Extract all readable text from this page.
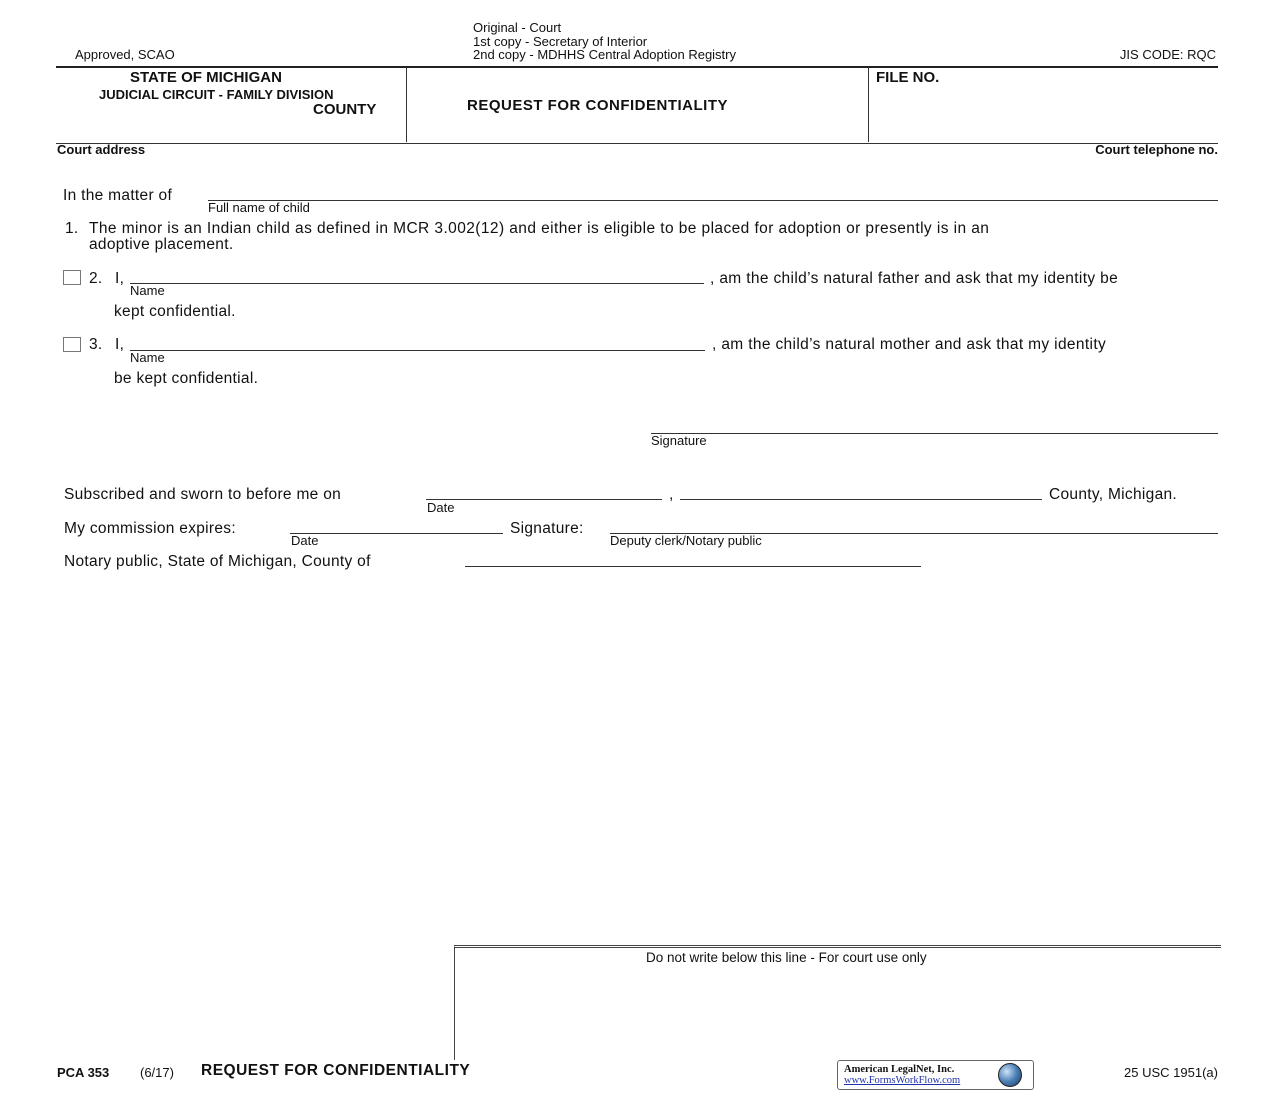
Approved, SCAO
Original - Court
1st copy - Secretary of Interior
2nd copy - MDHHS Central Adoption Registry	JIS CODE: RQC
STATE OF MICHIGAN
JUDICIAL CIRCUIT - FAMILY DIVISION
COUNTY	REQUEST FOR CONFIDENTIALITY
FILE NO.
Court address	Court telephone no.
In the matter of
Full name of child
1. The minor is an Indian child as defined in MCR 3.002(12) and either is eligible to be placed for adoption or presently is in an
adoptive placement.
2. I,
Name
, am the child’s natural father and ask that my identity be
kept confidential.
3. I,
Name
, am the child’s natural mother and ask that my identity
be kept confidential.
Signature
Subscribed and sworn to before me on
Date
,	County, Michigan.
My commission expires:
Date
Signature:
Deputy clerk/Notary public
Notary public, State of Michigan, County of
Do not write below this line - For court use only
PCA 353 (6/17) REQUEST FOR CONFIDENTIALITY	American LegalNet, Inc.
www.FormsWorkFlow.com
25 USC 1951(a)
